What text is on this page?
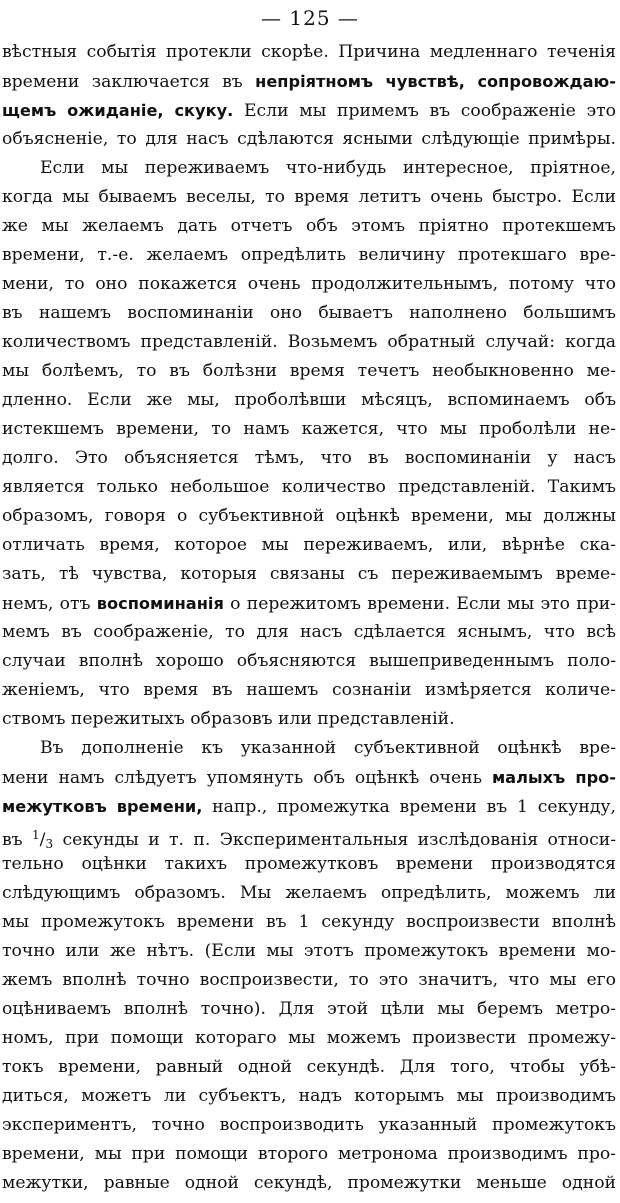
— 125 —
вѣстныя событія протекли скорѣе. Причина медленнаго теченія
времени заключается въ непріятномъ чувствѣ, сопровождаю-
щемъ ожиданіе, скуку. Если мы примемъ въ соображеніе это
объясненіе, то для насъ сдѣлаются ясными слѣдующіе примѣры.
Если мы переживаемъ что-нибудь интересное, пріятное,
когда мы бываемъ веселы, то время летитъ очень быстро. Если
же мы желаемъ дать отчетъ объ этомъ пріятно протекшемъ
времени, т.-е. желаемъ опредѣлить величину протекшаго вре-
мени, то оно покажется очень продолжительнымъ, потому что
въ нашемъ воспоминаніи оно бываетъ наполнено большимъ
количествомъ представленій. Возьмемъ обратный случай: когда
мы болѣемъ, то въ болѣзни время течетъ необыкновенно ме-
дленно. Если же мы, проболѣвши мѣсяцъ, вспоминаемъ объ
истекшемъ времени, то намъ кажется, что мы проболѣли не-
долго. Это объясняется тѣмъ, что въ воспоминаніи у насъ
является только небольшое количество представленій. Такимъ
образомъ, говоря о субъективной оцѣнкѣ времени, мы должны
отличать время, которое мы переживаемъ, или, вѣрнѣе ска-
зать, тѣ чувства, которыя связаны съ переживаемымъ време-
немъ, отъ воспоминанія о пережитомъ времени. Если мы это при-
мемъ въ соображеніе, то для насъ сдѣлается яснымъ, что всѣ
случаи вполнѣ хорошо объясняются вышеприведеннымъ поло-
женіемъ, что время въ нашемъ сознаніи измѣряется количе-
ствомъ пережитыхъ образовъ или представленій.
Въ дополненіе къ указанной субъективной оцѣнкѣ вре-
мени намъ слѣдуетъ упомянуть объ оцѣнкѣ очень малыхъ про-
межутковъ времени, напр., промежутка времени въ 1 секунду,
въ $^1/_3$ секунды и т. п. Экспериментальныя изслѣдованія относи-
тельно оцѣнки такихъ промежутковъ времени производятся
слѣдующимъ образомъ. Мы желаемъ опредѣлить, можемъ ли
мы промежутокъ времени въ 1 секунду воспроизвести вполнѣ
точно или же нѣтъ. (Если мы этотъ промежутокъ времени мо-
жемъ вполнѣ точно воспроизвести, то это значитъ, что мы его
оцѣниваемъ вполнѣ точно). Для этой цѣли мы беремъ метро-
номъ, при помощи котораго мы можемъ произвести промежу-
токъ времени, равный одной секундѣ. Для того, чтобы убѣ-
диться, можетъ ли субъектъ, надъ которымъ мы производимъ
экспериментъ, точно воспроизводить указанный промежутокъ
времени, мы при помощи второго метронома производимъ про-
межутки, равные одной секундѣ, промежутки меньше одной
